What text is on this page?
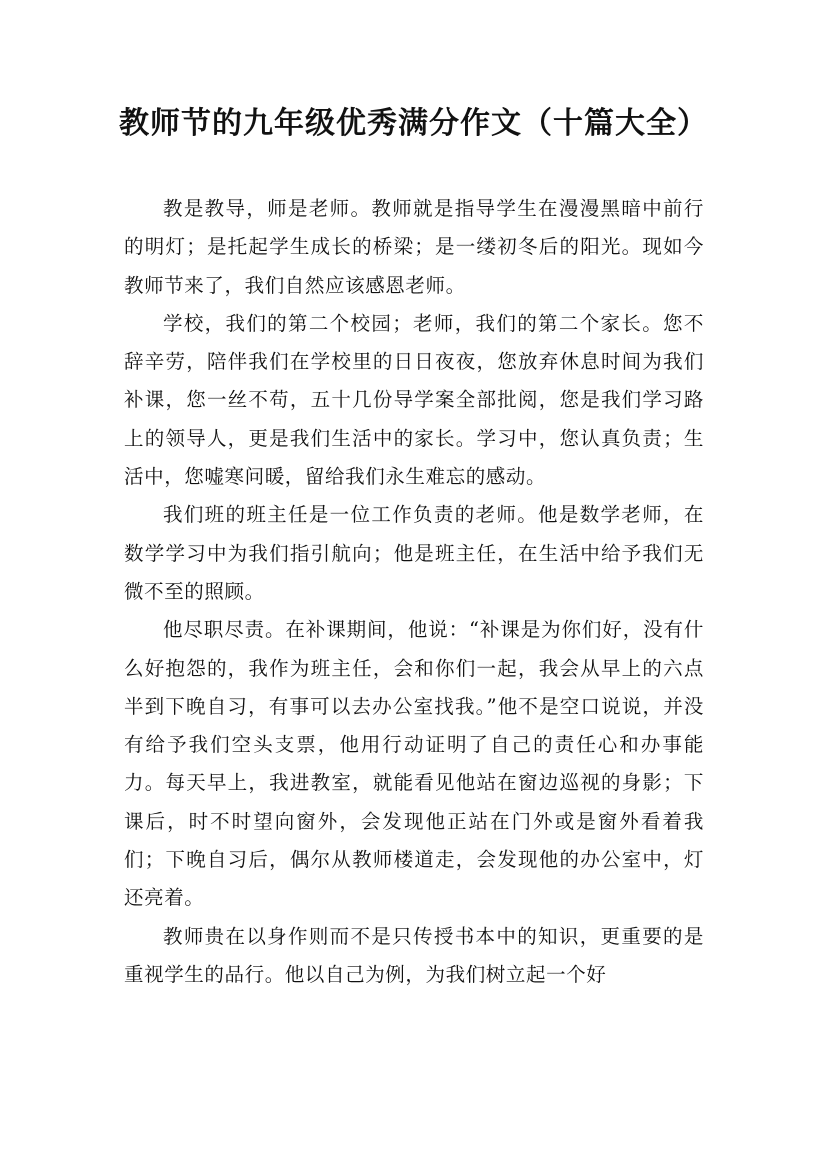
教师节的九年级优秀满分作文（十篇大全）

教是教导，师是老师。教师就是指导学生在漫漫黑暗中前行的明灯；是托起学生成长的桥梁；是一缕初冬后的阳光。现如今教师节来了，我们自然应该感恩老师。

学校，我们的第二个校园；老师，我们的第二个家长。您不辞辛劳，陪伴我们在学校里的日日夜夜，您放弃休息时间为我们补课，您一丝不苟，五十几份导学案全部批阅，您是我们学习路上的领导人，更是我们生活中的家长。学习中，您认真负责；生活中，您嘘寒问暖，留给我们永生难忘的感动。

我们班的班主任是一位工作负责的老师。他是数学老师，在数学学习中为我们指引航向；他是班主任，在生活中给予我们无微不至的照顾。

他尽职尽责。在补课期间，他说：“补课是为你们好，没有什么好抱怨的，我作为班主任，会和你们一起，我会从早上的六点半到下晚自习，有事可以去办公室找我。”他不是空口说说，并没有给予我们空头支票，他用行动证明了自己的责任心和办事能力。每天早上，我进教室，就能看见他站在窗边巡视的身影；下课后，时不时望向窗外，会发现他正站在门外或是窗外看着我们；下晚自习后，偶尔从教师楼道走，会发现他的办公室中，灯还亮着。

教师贵在以身作则而不是只传授书本中的知识，更重要的是重视学生的品行。他以自己为例，为我们树立起一个好
